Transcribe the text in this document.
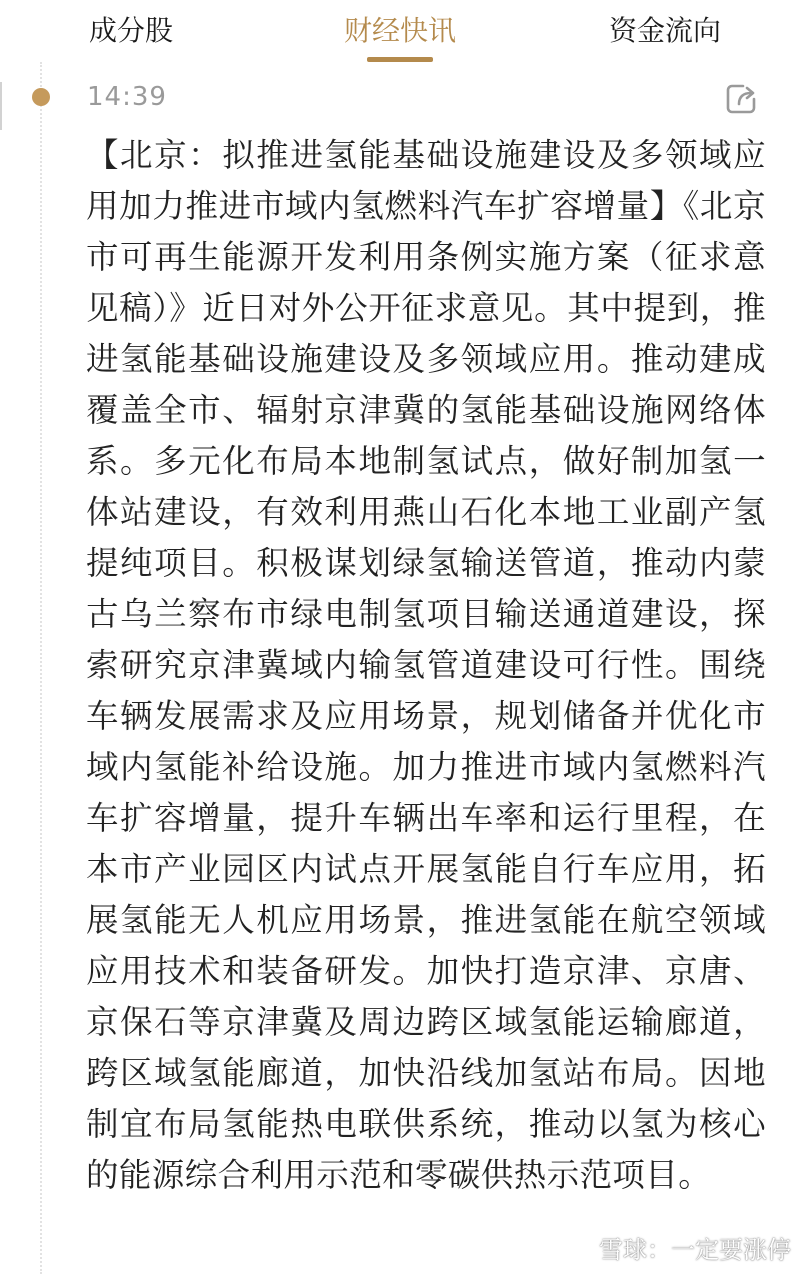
成分股	财经快讯	资金流向
14:39
【北京：拟推进氢能基础设施建设及多领域应用加力推进市域内氢燃料汽车扩容增量】《北京市可再生能源开发利用条例实施方案（征求意见稿）》近日对外公开征求意见。其中提到，推进氢能基础设施建设及多领域应用。推动建成覆盖全市、辐射京津冀的氢能基础设施网络体系。多元化布局本地制氢试点，做好制加氢一体站建设，有效利用燕山石化本地工业副产氢提纯项目。积极谋划绿氢输送管道，推动内蒙古乌兰察布市绿电制氢项目输送通道建设，探索研究京津冀域内输氢管道建设可行性。围绕车辆发展需求及应用场景，规划储备并优化市域内氢能补给设施。加力推进市域内氢燃料汽车扩容增量，提升车辆出车率和运行里程，在本市产业园区内试点开展氢能自行车应用，拓展氢能无人机应用场景，推进氢能在航空领域应用技术和装备研发。加快打造京津、京唐、京保石等京津冀及周边跨区域氢能运输廊道，跨区域氢能廊道，加快沿线加氢站布局。因地制宜布局氢能热电联供系统，推动以氢为核心的能源综合利用示范和零碳供热示范项目。
雪球：一定要涨停
